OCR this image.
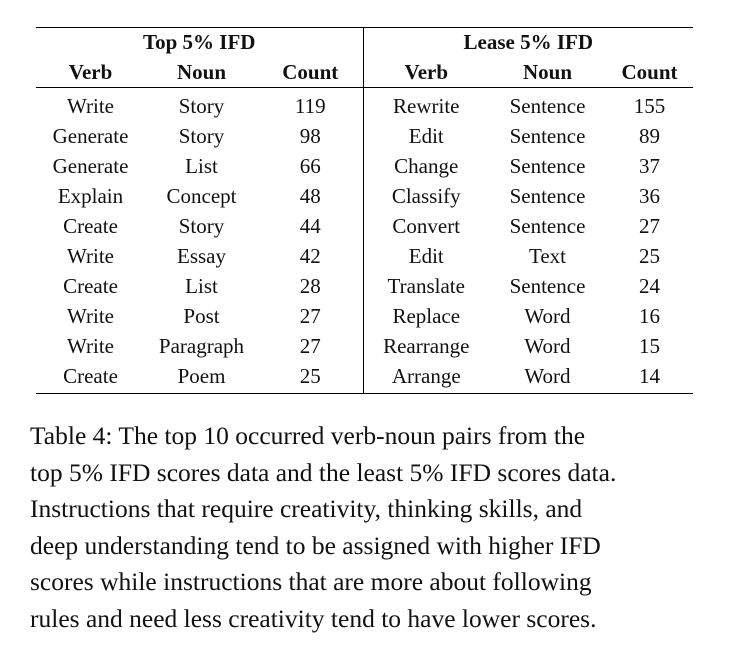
Top 5% IFD			Lease 5% IFD		
Verb	Noun	Count	Verb	Noun	Count
Write	Story	119	Rewrite	Sentence	155
Generate	Story	98	Edit	Sentence	89
Generate	List	66	Change	Sentence	37
Explain	Concept	48	Classify	Sentence	36
Create	Story	44	Convert	Sentence	27
Write	Essay	42	Edit	Text	25
Create	List	28	Translate	Sentence	24
Write	Post	27	Replace	Word	16
Write	Paragraph	27	Rearrange	Word	15
Create	Poem	25	Arrange	Word	14

Table 4: The top 10 occurred verb-noun pairs from the

top 5% IFD scores data and the least 5% IFD scores data.

Instructions that require creativity, thinking skills, and

deep understanding tend to be assigned with higher IFD

scores while instructions that are more about following

rules and need less creativity tend to have lower scores.
